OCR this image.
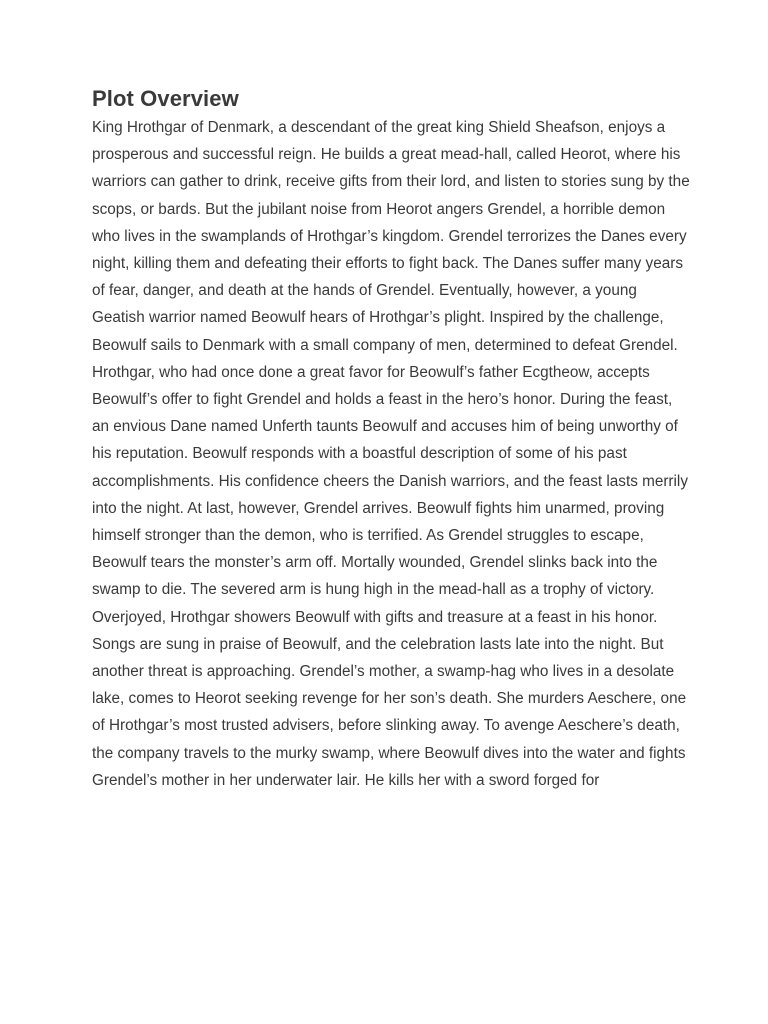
Plot Overview

King Hrothgar of Denmark, a descendant of the great king Shield Sheafson, enjoys a prosperous and successful reign. He builds a great mead-hall, called Heorot, where his warriors can gather to drink, receive gifts from their lord, and listen to stories sung by the scops, or bards. But the jubilant noise from Heorot angers Grendel, a horrible demon who lives in the swamplands of Hrothgar’s kingdom. Grendel terrorizes the Danes every night, killing them and defeating their efforts to fight back. The Danes suffer many years of fear, danger, and death at the hands of Grendel. Eventually, however, a young Geatish warrior named Beowulf hears of Hrothgar’s plight. Inspired by the challenge, Beowulf sails to Denmark with a small company of men, determined to defeat Grendel.

Hrothgar, who had once done a great favor for Beowulf’s father Ecgtheow, accepts Beowulf’s offer to fight Grendel and holds a feast in the hero’s honor. During the feast, an envious Dane named Unferth taunts Beowulf and accuses him of being unworthy of his reputation. Beowulf responds with a boastful description of some of his past accomplishments. His confidence cheers the Danish warriors, and the feast lasts merrily into the night. At last, however, Grendel arrives. Beowulf fights him unarmed, proving himself stronger than the demon, who is terrified. As Grendel struggles to escape, Beowulf tears the monster’s arm off. Mortally wounded, Grendel slinks back into the swamp to die. The severed arm is hung high in the mead-hall as a trophy of victory.

Overjoyed, Hrothgar showers Beowulf with gifts and treasure at a feast in his honor. Songs are sung in praise of Beowulf, and the celebration lasts late into the night. But another threat is approaching. Grendel’s mother, a swamp-hag who lives in a desolate lake, comes to Heorot seeking revenge for her son’s death. She murders Aeschere, one of Hrothgar’s most trusted advisers, before slinking away. To avenge Aeschere’s death, the company travels to the murky swamp, where Beowulf dives into the water and fights Grendel’s mother in her underwater lair. He kills her with a sword forged for
